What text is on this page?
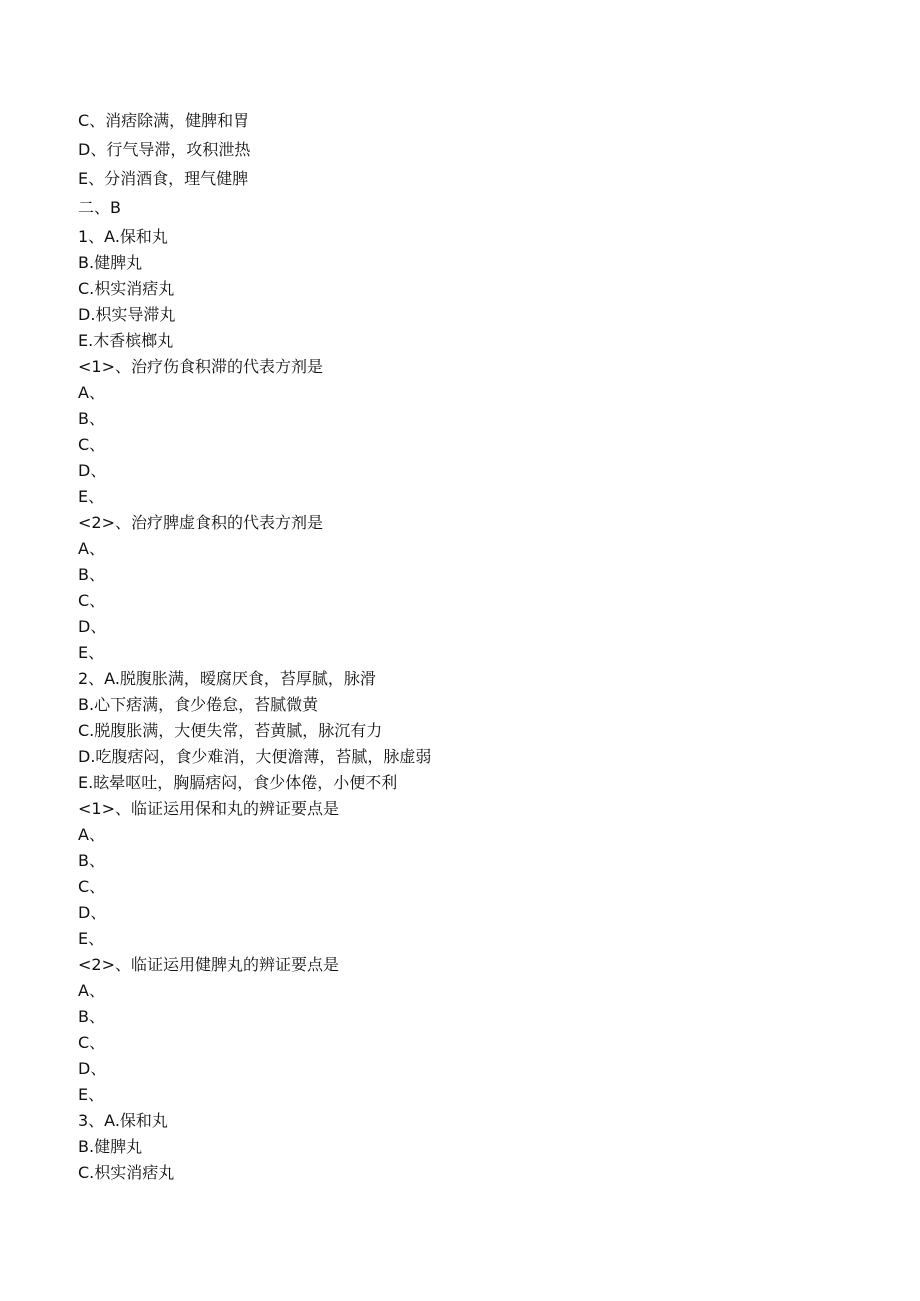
C、消痞除满，健脾和胃
D、行气导滞，攻积泄热
E、分消酒食，理气健脾
二、B
1、A.保和丸
B.健脾丸
C.枳实消痞丸
D.枳实导滞丸
E.木香槟榔丸
<1>、治疗伤食积滞的代表方剂是
A、
B、
C、
D、
E、
<2>、治疗脾虚食积的代表方剂是
A、
B、
C、
D、
E、
2、A.脱腹胀满，暧腐厌食，苔厚腻，脉滑
B.心下痞满，食少倦怠，苔腻微黄
C.脱腹胀满，大便失常，苔黄腻，脉沉有力
D.吃腹痞闷，食少难消，大便澹薄，苔腻，脉虚弱
E.眩晕呕吐，胸膈痞闷，食少体倦，小便不利
<1>、临证运用保和丸的辨证要点是
A、
B、
C、
D、
E、
<2>、临证运用健脾丸的辨证要点是
A、
B、
C、
D、
E、
3、A.保和丸
B.健脾丸
C.枳实消痞丸
